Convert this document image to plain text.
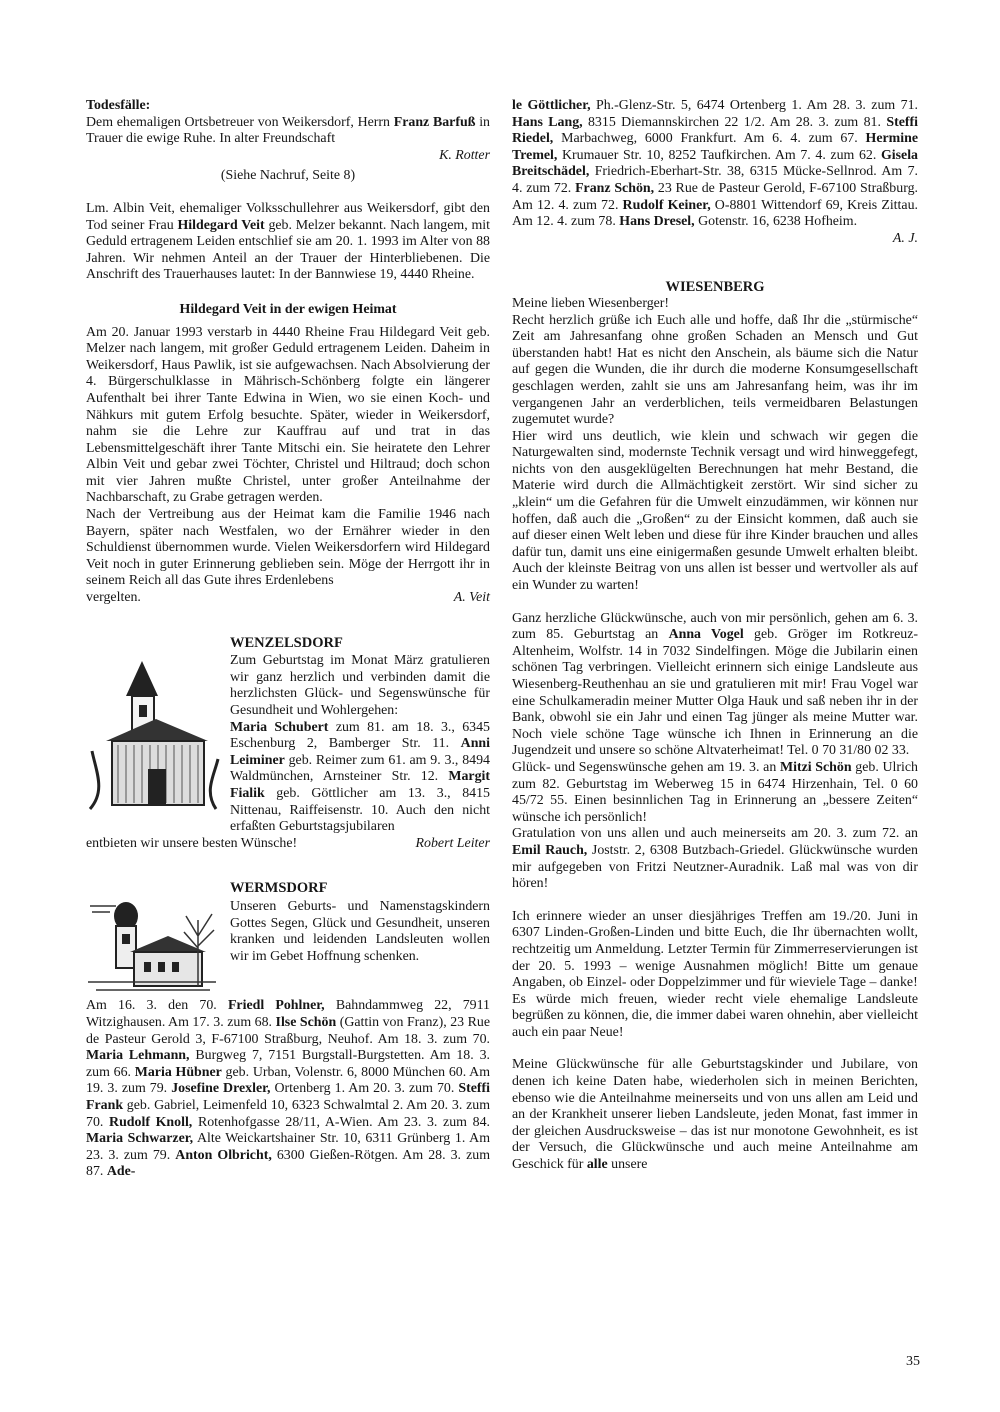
Todesfälle:

Dem ehemaligen Ortsbetreuer von Weikersdorf, Herrn Franz Barfuß in Trauer die ewige Ruhe. In alter Freundschaft
K. Rotter

(Siehe Nachruf, Seite 8)

Lm. Albin Veit, ehemaliger Volksschullehrer aus Weikersdorf, gibt den Tod seiner Frau Hildegard Veit geb. Melzer bekannt. Nach langem, mit Geduld ertragenem Leiden entschlief sie am 20. 1. 1993 im Alter von 88 Jahren. Wir nehmen Anteil an der Trauer der Hinterbliebenen. Die Anschrift des Trauerhauses lautet: In der Bannwiese 19, 4440 Rheine.

Hildegard Veit in der ewigen Heimat

Am 20. Januar 1993 verstarb in 4440 Rheine Frau Hildegard Veit geb. Melzer nach langem, mit großer Geduld ertragenem Leiden. Daheim in Weikersdorf, Haus Pawlik, ist sie aufgewachsen. Nach Absolvierung der 4. Bürgerschulklasse in Mährisch-Schönberg folgte ein längerer Aufenthalt bei ihrer Tante Edwina in Wien, wo sie einen Koch- und Nähkurs mit gutem Erfolg besuchte. Später, wieder in Weikersdorf, nahm sie die Lehre zur Kauffrau auf und trat in das Lebensmittelgeschäft ihrer Tante Mitschi ein. Sie heiratete den Lehrer Albin Veit und gebar zwei Töchter, Christel und Hiltraud; doch schon mit vier Jahren mußte Christel, unter großer Anteilnahme der Nachbarschaft, zu Grabe getragen werden.

Nach der Vertreibung aus der Heimat kam die Familie 1946 nach Bayern, später nach Westfalen, wo der Ernährer wieder in den Schuldienst übernommen wurde. Vielen Weikersdorfern wird Hildegard Veit noch in guter Erinnerung geblieben sein. Möge der Herrgott ihr in seinem Reich all das Gute ihres Erdenlebens

vergelten.	A. Veit

WENZELSDORF

Zum Geburtstag im Monat März gratulieren wir ganz herzlich und verbinden damit die herzlichsten Glück- und Segenswünsche für Gesundheit und Wohlergehen:

Maria Schubert zum 81. am 18. 3., 6345 Eschenburg 2, Bamberger Str. 11. Anni Leiminer geb. Reimer zum 61. am 9. 3., 8494 Waldmünchen, Arnsteiner Str. 12. Margit Fialik geb. Göttlicher am 13. 3., 8415 Nittenau, Raiffeisenstr. 10. Auch den nicht erfaßten Geburtstagsjubilaren

entbieten wir unsere besten Wünsche!	Robert Leiter

WERMSDORF

Unseren Geburts- und Namenstagskindern Gottes Segen, Glück und Gesundheit, unseren kranken und leidenden Landsleuten wollen wir im Gebet Hoffnung schenken.

Am 16. 3. den 70. Friedl Pohlner, Bahndammweg 22, 7911 Witzighausen. Am 17. 3. zum 68. Ilse Schön (Gattin von Franz), 23 Rue de Pasteur Gerold 3, F-67100 Straßburg, Neuhof. Am 18. 3. zum 70. Maria Lehmann, Burgweg 7, 7151 Burgstall-Burgstetten. Am 18. 3. zum 66. Maria Hübner geb. Urban, Volenstr. 6, 8000 München 60. Am 19. 3. zum 79. Josefine Drexler, Ortenberg 1. Am 20. 3. zum 70. Steffi Frank geb. Gabriel, Leimenfeld 10, 6323 Schwalmtal 2. Am 20. 3. zum 70. Rudolf Knoll, Rotenhofgasse 28/11, A-Wien. Am 23. 3. zum 84. Maria Schwarzer, Alte Weickartshainer Str. 10, 6311 Grünberg 1. Am 23. 3. zum 79. Anton Olbricht, 6300 Gießen-Rötgen. Am 28. 3. zum 87. Ade-

le Göttlicher, Ph.-Glenz-Str. 5, 6474 Ortenberg 1. Am 28. 3. zum 71. Hans Lang, 8315 Diemannskirchen 22 1/2. Am 28. 3. zum 81. Steffi Riedel, Marbachweg, 6000 Frankfurt. Am 6. 4. zum 67. Hermine Tremel, Krumauer Str. 10, 8252 Taufkirchen. Am 7. 4. zum 62. Gisela Breitschädel, Friedrich-Eberhart-Str. 38, 6315 Mücke-Sellnrod. Am 7. 4. zum 72. Franz Schön, 23 Rue de Pasteur Gerold, F-67100 Straßburg. Am 12. 4. zum 72. Rudolf Keiner, O-8801 Wittendorf 69, Kreis Zittau. Am 12. 4. zum 78. Hans Dresel, Gotenstr. 16, 6238 Hofheim.
A. J.

WIESENBERG

Meine lieben Wiesenberger!

Recht herzlich grüße ich Euch alle und hoffe, daß Ihr die „stürmische“ Zeit am Jahresanfang ohne großen Schaden an Mensch und Gut überstanden habt! Hat es nicht den Anschein, als bäume sich die Natur auf gegen die Wunden, die ihr durch die moderne Konsumgesellschaft geschlagen werden, zahlt sie uns am Jahresanfang heim, was ihr im vergangenen Jahr an verderblichen, teils vermeidbaren Belastungen zugemutet wurde?

Hier wird uns deutlich, wie klein und schwach wir gegen die Naturgewalten sind, modernste Technik versagt und wird hinweggefegt, nichts von den ausgeklügelten Berechnungen hat mehr Bestand, die Materie wird durch die Allmächtigkeit zerstört. Wir sind sicher zu „klein“ um die Gefahren für die Umwelt einzudämmen, wir können nur hoffen, daß auch die „Großen“ zu der Einsicht kommen, daß auch sie auf dieser einen Welt leben und diese für ihre Kinder brauchen und alles dafür tun, damit uns eine einigermaßen gesunde Umwelt erhalten bleibt. Auch der kleinste Beitrag von uns allen ist besser und wertvoller als auf ein Wunder zu warten!

Ganz herzliche Glückwünsche, auch von mir persönlich, gehen am 6. 3. zum 85. Geburtstag an Anna Vogel geb. Gröger im Rotkreuz-Altenheim, Wolfstr. 14 in 7032 Sindelfingen. Möge die Jubilarin einen schönen Tag verbringen. Vielleicht erinnern sich einige Landsleute aus Wiesenberg-Reuthenhau an sie und gratulieren mit mir! Frau Vogel war eine Schulkameradin meiner Mutter Olga Hauk und saß neben ihr in der Bank, obwohl sie ein Jahr und einen Tag jünger als meine Mutter war. Noch viele schöne Tage wünsche ich Ihnen in Erinnerung an die Jugendzeit und unsere so schöne Altvaterheimat! Tel. 0 70 31/80 02 33.

Glück- und Segenswünsche gehen am 19. 3. an Mitzi Schön geb. Ulrich zum 82. Geburtstag im Weberweg 15 in 6474 Hirzenhain, Tel. 0 60 45/72 55. Einen besinnlichen Tag in Erinnerung an „bessere Zeiten“ wünsche ich persönlich!

Gratulation von uns allen und auch meinerseits am 20. 3. zum 72. an Emil Rauch, Joststr. 2, 6308 Butzbach-Griedel. Glückwünsche wurden mir aufgegeben von Fritzi Neutzner-Auradnik. Laß mal was von dir hören!

Ich erinnere wieder an unser diesjähriges Treffen am 19./20. Juni in 6307 Linden-Großen-Linden und bitte Euch, die Ihr übernachten wollt, rechtzeitig um Anmeldung. Letzter Termin für Zimmerreservierungen ist der 20. 5. 1993 – wenige Ausnahmen möglich! Bitte um genaue Angaben, ob Einzel- oder Doppelzimmer und für wieviele Tage – danke!

Es würde mich freuen, wieder recht viele ehemalige Landsleute begrüßen zu können, die, die immer dabei waren ohnehin, aber vielleicht auch ein paar Neue!

Meine Glückwünsche für alle Geburtstagskinder und Jubilare, von denen ich keine Daten habe, wiederholen sich in meinen Berichten, ebenso wie die Anteilnahme meinerseits und von uns allen am Leid und an der Krankheit unserer lieben Landsleute, jeden Monat, fast immer in der gleichen Ausdrucksweise – das ist nur monotone Gewohnheit, es ist der Versuch, die Glückwünsche und auch meine Anteilnahme am Geschick für alle unsere

35
